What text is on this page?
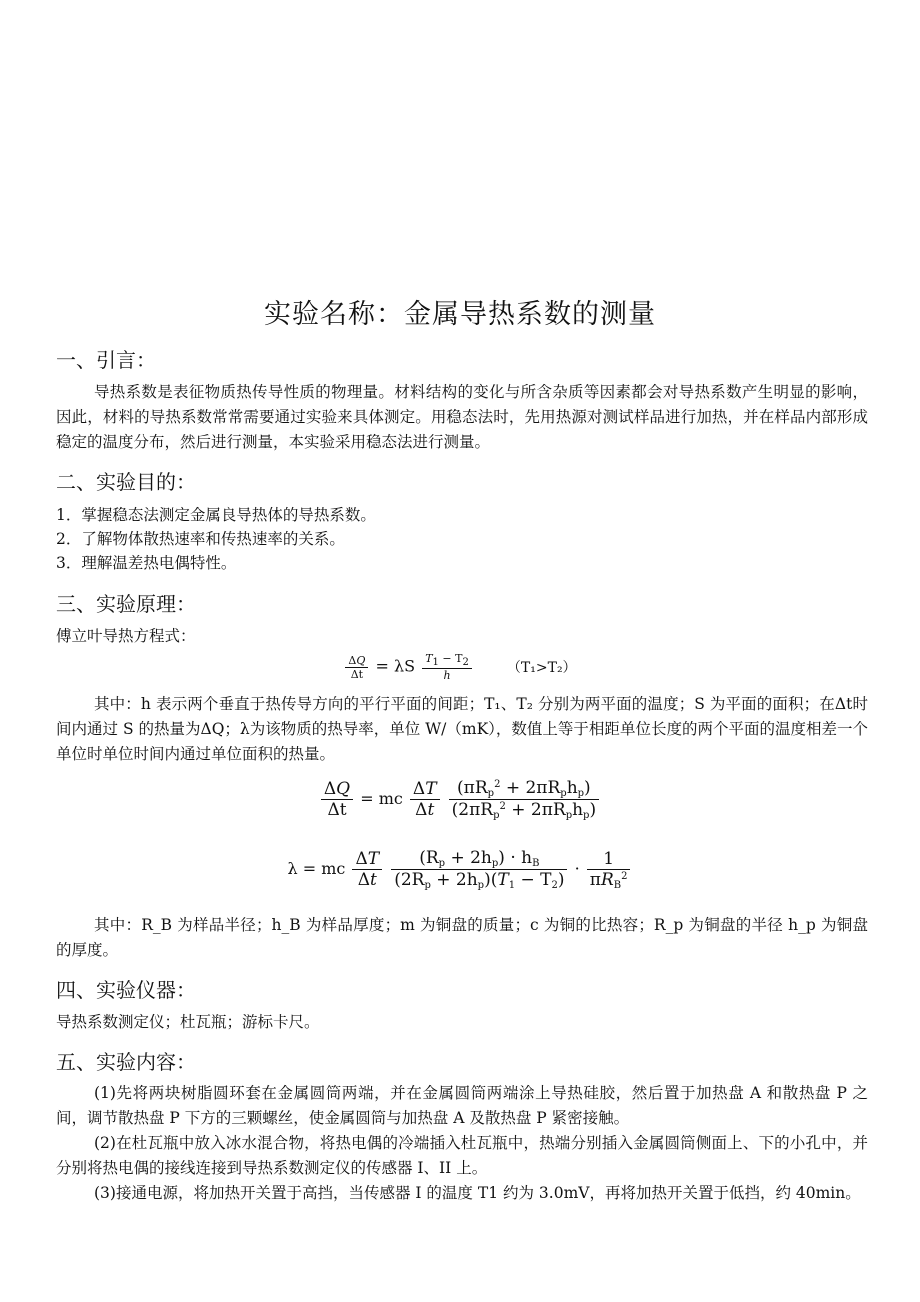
实验名称：金属导热系数的测量
一、引言：
导热系数是表征物质热传导性质的物理量。材料结构的变化与所含杂质等因素都会对导热系数产生明显的影响，因此，材料的导热系数常常需要通过实验来具体测定。用稳态法时，先用热源对测试样品进行加热，并在样品内部形成稳定的温度分布，然后进行测量，本实验采用稳态法进行测量。
二、实验目的：
1．掌握稳态法测定金属良导热体的导热系数。
2．了解物体散热速率和传热速率的关系。
3．理解温差热电偶特性。
三、实验原理：
傅立叶导热方程式：
$\frac{\Delta Q}{\Delta t} = \lambda S \frac{T1 - T2}{h}$	（T₁>T₂）
其中：h 表示两个垂直于热传导方向的平行平面的间距；T₁、T₂ 分别为两平面的温度；S 为平面的面积；在Δt时间内通过 S 的热量为ΔQ；λ为该物质的热导率，单位 W/（mK），数值上等于相距单位长度的两个平面的温度相差一个单位时单位时间内通过单位面积的热量。
$\frac{\Delta Q}{\Delta t}$ = mc $\frac{\Delta T}{\Delta t}$
$\frac{(\pi R_p^2 + 2\pi R_ph_p)}{(2\pi R_p^2 + 2\pi R_ph_p)}$
λ = mc $\frac{\Delta T}{\Delta t}$
$\frac{(R_p + 2h_p) \cdot h_B}{(2R_p + 2h_p)(T_1 - T_2)} \cdot \frac{1}{\pi R_B^2}$
其中：R_B 为样品半径；h_B 为样品厚度；m 为铜盘的质量；c 为铜的比热容；R_p 为铜盘的半径 h_p 为铜盘的厚度。
四、实验仪器：
导热系数测定仪；杜瓦瓶；游标卡尺。
五、实验内容：
(1)先将两块树脂圆环套在金属圆筒两端，并在金属圆筒两端涂上导热硅胶，然后置于加热盘 A 和散热盘 P 之间，调节散热盘 P 下方的三颗螺丝，使金属圆筒与加热盘 A 及散热盘 P 紧密接触。
(2)在杜瓦瓶中放入冰水混合物，将热电偶的冷端插入杜瓦瓶中，热端分别插入金属圆筒侧面上、下的小孔中，并分别将热电偶的接线连接到导热系数测定仪的传感器 I、II 上。
(3)接通电源，将加热开关置于高挡，当传感器 I 的温度 T1 约为 3.0mV，再将加热开关置于低挡，约 40min。
